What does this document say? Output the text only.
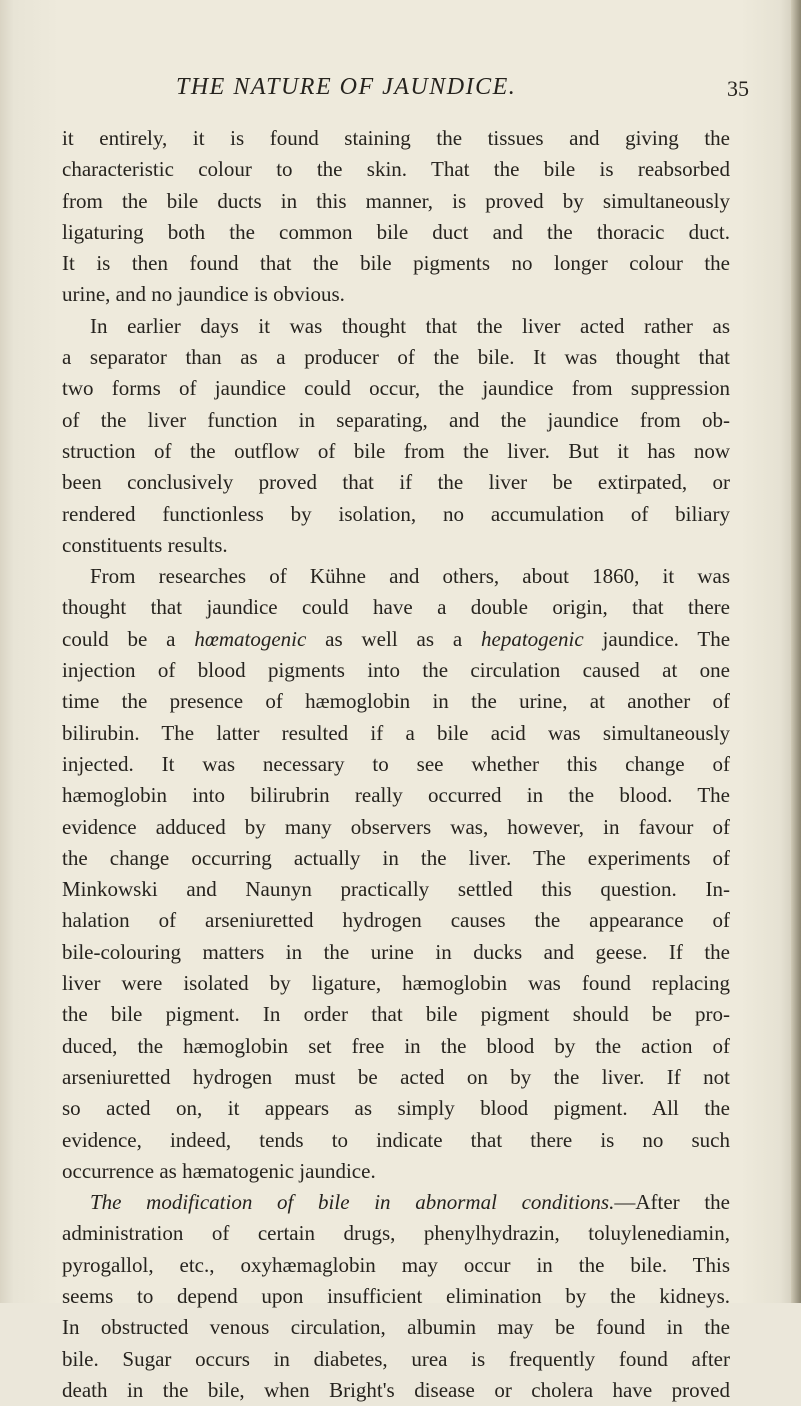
THE NATURE OF JAUNDICE.	35
it entirely, it is found staining the tissues and giving the
characteristic colour to the skin. That the bile is reabsorbed
from the bile ducts in this manner, is proved by simultaneously
ligaturing both the common bile duct and the thoracic duct.
It is then found that the bile pigments no longer colour the
urine, and no jaundice is obvious.
In earlier days it was thought that the liver acted rather as
a separator than as a producer of the bile. It was thought that
two forms of jaundice could occur, the jaundice from suppression
of the liver function in separating, and the jaundice from ob-
struction of the outflow of bile from the liver. But it has now
been conclusively proved that if the liver be extirpated, or
rendered functionless by isolation, no accumulation of biliary
constituents results.
From researches of Kühne and others, about 1860, it was
thought that jaundice could have a double origin, that there
could be a hœmatogenic as well as a hepatogenic jaundice. The
injection of blood pigments into the circulation caused at one
time the presence of hæmoglobin in the urine, at another of
bilirubin. The latter resulted if a bile acid was simultaneously
injected. It was necessary to see whether this change of
hæmoglobin into bilirubrin really occurred in the blood. The
evidence adduced by many observers was, however, in favour of
the change occurring actually in the liver. The experiments of
Minkowski and Naunyn practically settled this question. In-
halation of arseniuretted hydrogen causes the appearance of
bile-colouring matters in the urine in ducks and geese. If the
liver were isolated by ligature, hæmoglobin was found replacing
the bile pigment. In order that bile pigment should be pro-
duced, the hæmoglobin set free in the blood by the action of
arseniuretted hydrogen must be acted on by the liver. If not
so acted on, it appears as simply blood pigment. All the
evidence, indeed, tends to indicate that there is no such
occurrence as hæmatogenic jaundice.
The modification of bile in abnormal conditions.—After the
administration of certain drugs, phenylhydrazin, toluylenediamin,
pyrogallol, etc., oxyhæmaglobin may occur in the bile. This
seems to depend upon insufficient elimination by the kidneys.
In obstructed venous circulation, albumin may be found in the
bile. Sugar occurs in diabetes, urea is frequently found after
death in the bile, when Bright's disease or cholera have proved
